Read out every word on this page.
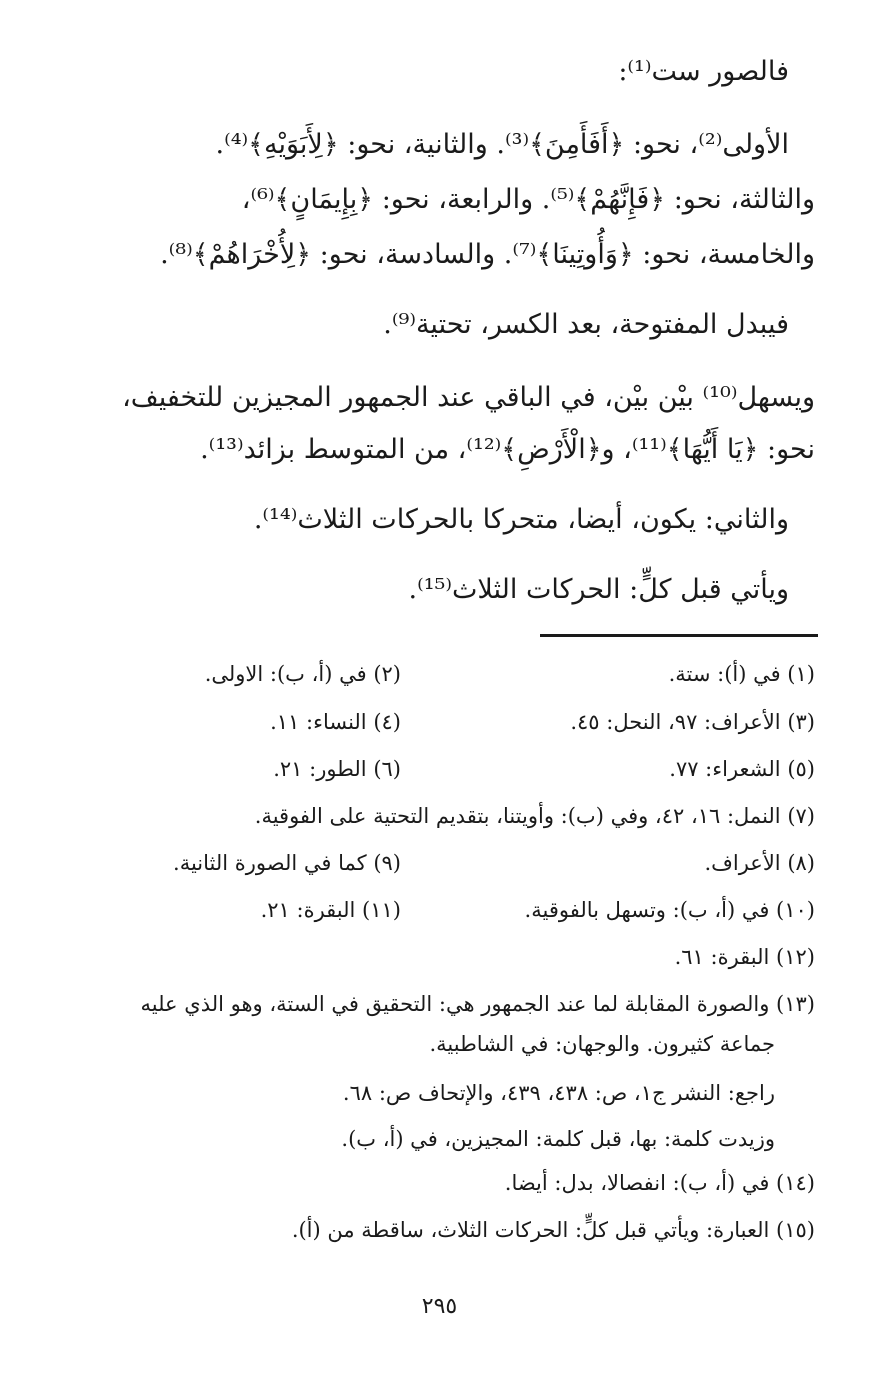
فالصور ست⁽¹⁾:
الأولى⁽²⁾، نحو: ﴿أَفَأَمِنَ﴾⁽³⁾. والثانية، نحو: ﴿لِأَبَوَيْهِ﴾⁽⁴⁾.
والثالثة، نحو: ﴿فَإِنَّهُمْ﴾⁽⁵⁾. والرابعة، نحو: ﴿بِإِيمَانٍ﴾⁽⁶⁾،
والخامسة، نحو: ﴿وَأُوتِينَا﴾⁽⁷⁾. والسادسة، نحو: ﴿لِأُخْرَاهُمْ﴾⁽⁸⁾.
فيبدل المفتوحة، بعد الكسر، تحتية⁽⁹⁾.
ويسهل⁽¹⁰⁾ بيْن بيْن، في الباقي عند الجمهور المجيزين للتخفيف،
نحو: ﴿يَا أَيُّهَا﴾⁽¹¹⁾، و﴿الْأَرْضِ﴾⁽¹²⁾، من المتوسط بزائد⁽¹³⁾.
والثاني: يكون، أيضا، متحركا بالحركات الثلاث⁽¹⁴⁾.
ويأتي قبل كلٍّ: الحركات الثلاث⁽¹⁵⁾.
(١) في (أ): ستة.
(٢) في (أ، ب): الاولى.
(٣) الأعراف: ٩٧، النحل: ٤٥.
(٤) النساء: ١١.
(٥) الشعراء: ٧٧.
(٦) الطور: ٢١.
(٧) النمل: ١٦، ٤٢، وفي (ب): وأويتنا، بتقديم التحتية على الفوقية.
(٨) الأعراف.
(٩) كما في الصورة الثانية.
(١٠) في (أ، ب): وتسهل بالفوقية.
(١١) البقرة: ٢١.
(١٢) البقرة: ٦١.
(١٣) والصورة المقابلة لما عند الجمهور هي: التحقيق في الستة، وهو الذي عليه
جماعة كثيرون. والوجهان: في الشاطبية.
راجع: النشر ج١، ص: ٤٣٨، ٤٣٩، والإتحاف ص: ٦٨.
وزيدت كلمة: بها، قبل كلمة: المجيزين، في (أ، ب).
(١٤) في (أ، ب): انفصالا، بدل: أيضا.
(١٥) العبارة: ويأتي قبل كلٍّ: الحركات الثلاث، ساقطة من (أ).
٢٩٥
